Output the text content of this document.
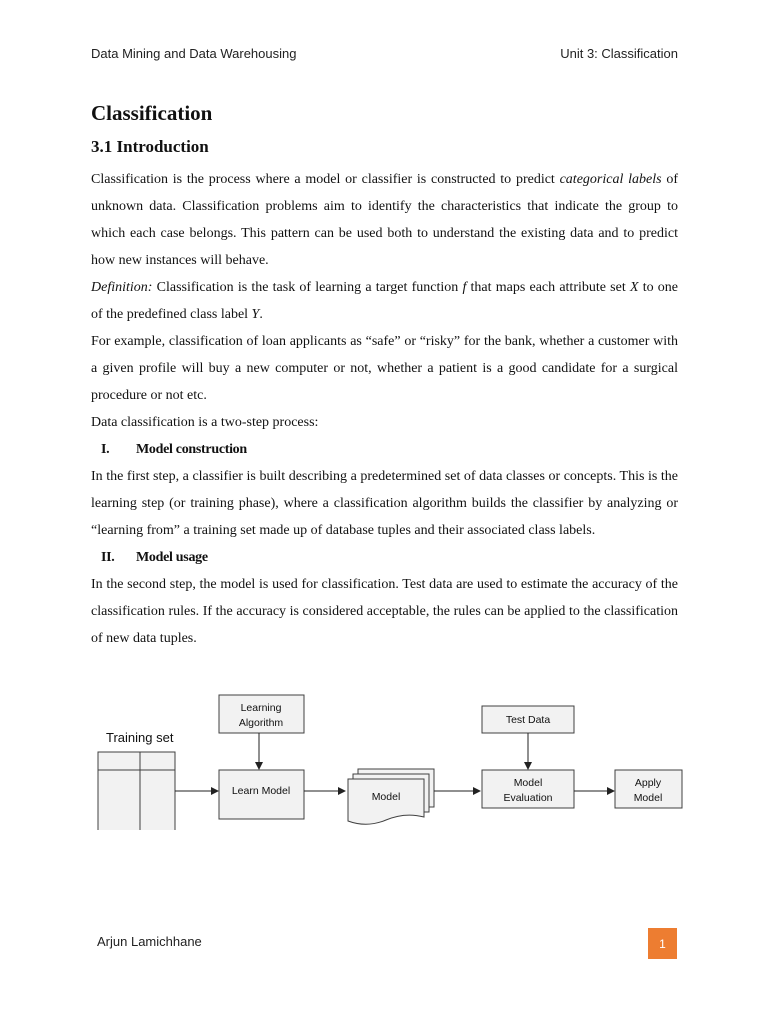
Data Mining and Data Warehousing	Unit 3: Classification
Classification
3.1 Introduction

Classification is the process where a model or classifier is constructed to predict categorical labels of unknown data. Classification problems aim to identify the characteristics that indicate the group to which each case belongs. This pattern can be used both to understand the existing data and to predict how new instances will behave.

Definition: Classification is the task of learning a target function f that maps each attribute set X to one of the predefined class label Y.

For example, classification of loan applicants as “safe” or “risky” for the bank, whether a customer with a given profile will buy a new computer or not, whether a patient is a good candidate for a surgical procedure or not etc.

Data classification is a two-step process:

I. Model construction

In the first step, a classifier is built describing a predetermined set of data classes or concepts. This is the learning step (or training phase), where a classification algorithm builds the classifier by analyzing or “learning from” a training set made up of database tuples and their associated class labels.

II. Model usage

In the second step, the model is used for classification. Test data are used to estimate the accuracy of the classification rules. If the accuracy is considered acceptable, the rules can be applied to the classification of new data tuples.

Training set
Learning
Algorithm
Learn Model	Model
Test Data
Model
Evaluation
Apply
Model
Arjun Lamichhane	1
